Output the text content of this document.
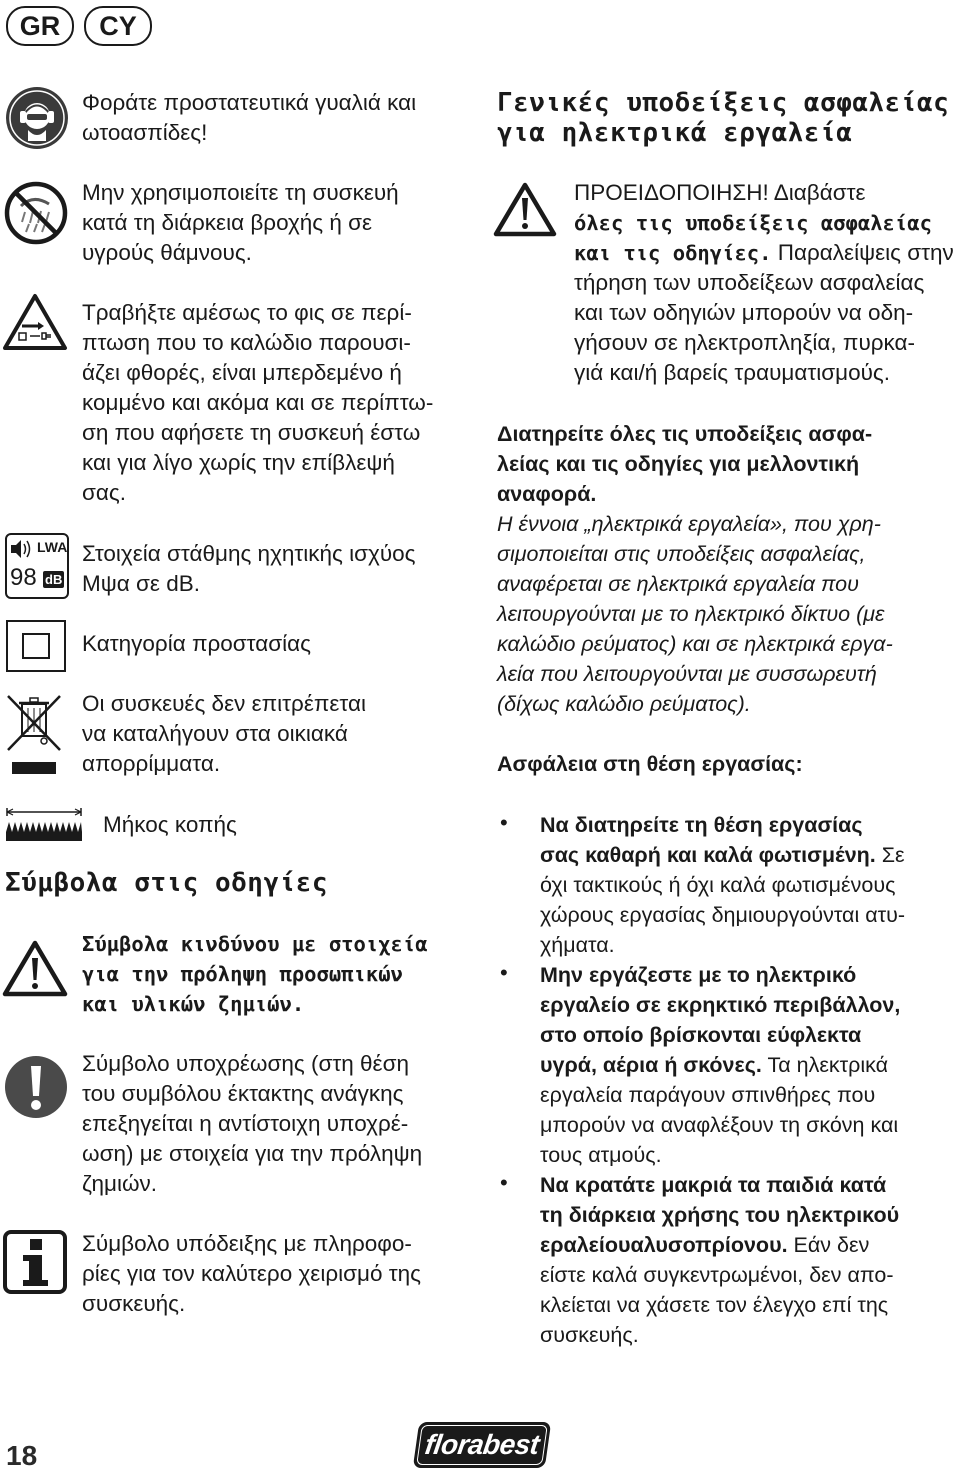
GR	CY
LWA
98 dB
Φοράτε προστατευτικά γυαλιά και
ωτοασπίδες!
Μην χρησιμοποιείτε τη συσκευή
κατά τη διάρκεια βροχής ή σε
υγρούς θάμνους.
Τραβήξτε αμέσως το φις σε περί-
πτωση που το καλώδιο παρουσι-
άζει φθορές, είναι μπερδεμένο ή
κομμένο και ακόμα και σε περίπτω-
ση που αφήσετε τη συσκευή έστω
και για λίγο χωρίς την επίβλεψή
σας.
Στοιχεία στάθμης ηχητικής ισχύος
Μψα σε dB.
Κατηγορία προστασίας
Οι συσκευές δεν επιτρέπεται
να καταλήγουν στα οικιακά
απορρίμματα.
Μήκος κοπής
Σύμβολα στις οδηγίες
Σύμβολα κινδύνου με στοιχεία
για την πρόληψη προσωπικών
και υλικών ζημιών.
Σύμβολο υποχρέωσης (στη θέση
του συμβόλου έκτακτης ανάγκης
επεξηγείται η αντίστοιχη υποχρέ-
ωση) με στοιχεία για την πρόληψη
ζημιών.
Σύμβολο υπόδειξης με πληροφο-
ρίες για τον καλύτερο χειρισμό της
συσκευής.
Γενικές υποδείξεις ασφαλείας
για ηλεκτρικά εργαλεία
ΠΡΟΕΙΔΟΠΟΙΗΣΗ! Διαβάστε
όλες τις υποδείξεις ασφαλείας
και τις οδηγίες. Παραλείψεις στην
τήρηση των υποδείξεων ασφαλείας
και των οδηγιών μπορούν να οδη-
γήσουν σε ηλεκτροπληξία, πυρκα-
γιά και/ή βαρείς τραυματισμούς.
Διατηρείτε όλες τις υποδείξεις ασφα-
λείας και τις οδηγίες για μελλοντική
αναφορά.
Η έννοια „ηλεκτρικά εργαλεία», που χρη-
σιμοποιείται στις υποδείξεις ασφαλείας,
αναφέρεται σε ηλεκτρικά εργαλεία που
λειτουργούνται με το ηλεκτρικό δίκτυο (με
καλώδιο ρεύματος) και σε ηλεκτρικά εργα-
λεία που λειτουργούνται με συσσωρευτή
(δίχως καλώδιο ρεύματος).
Ασφάλεια στη θέση εργασίας:
• Να διατηρείτε τη θέση εργασίας
σας καθαρή και καλά φωτισμένη. Σε
όχι τακτικούς ή όχι καλά φωτισμένους
χώρους εργασίας δημιουργούνται ατυ-
χήματα.
• Μην εργάζεστε με το ηλεκτρικό
εργαλείο σε εκρηκτικό περιβάλλον,
στο οποίο βρίσκονται εύφλεκτα
υγρά, αέρια ή σκόνες. Τα ηλεκτρικά
εργαλεία παράγουν σπινθήρες που
μπορούν να αναφλέξουν τη σκόνη και
τους ατμούς.
• Να κρατάτε μακριά τα παιδιά κατά
τη διάρκεια χρήσης του ηλεκτρικού
εραλείουαλυσοπρίονου. Εάν δεν
είστε καλά συγκεντρωμένοι, δεν απο-
κλείεται να χάσετε τον έλεγχο επί της
συσκευής.
18	florabest
